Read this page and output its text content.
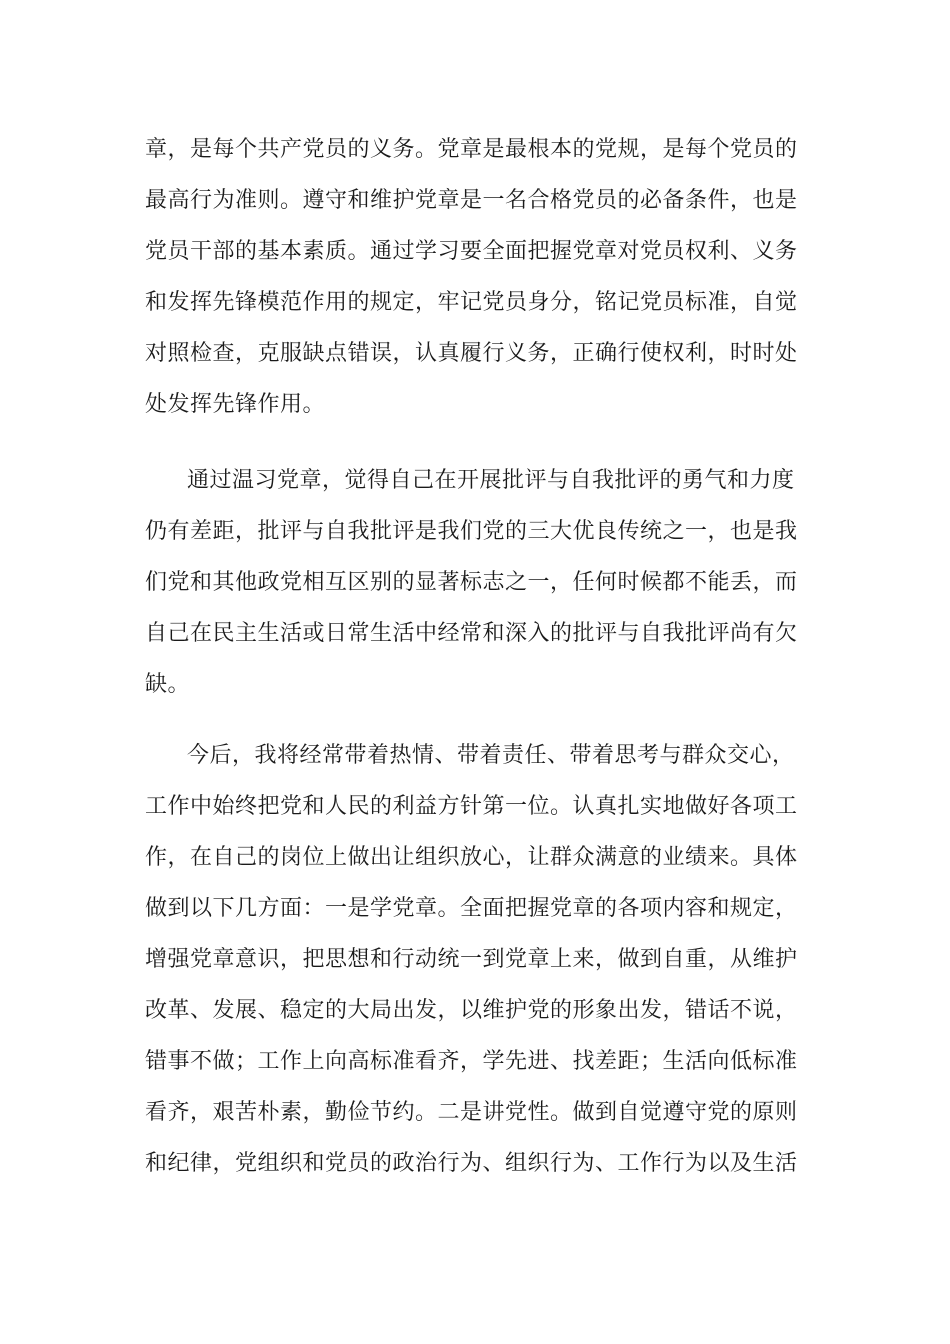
章，是每个共产党员的义务。党章是最根本的党规，是每个党员的
最高行为准则。遵守和维护党章是一名合格党员的必备条件，也是
党员干部的基本素质。通过学习要全面把握党章对党员权利、义务
和发挥先锋模范作用的规定，牢记党员身分，铭记党员标准，自觉
对照检查，克服缺点错误，认真履行义务，正确行使权利，时时处
处发挥先锋作用。
通过温习党章，觉得自己在开展批评与自我批评的勇气和力度
仍有差距，批评与自我批评是我们党的三大优良传统之一，也是我
们党和其他政党相互区别的显著标志之一，任何时候都不能丢，而
自己在民主生活或日常生活中经常和深入的批评与自我批评尚有欠
缺。
今后，我将经常带着热情、带着责任、带着思考与群众交心，
工作中始终把党和人民的利益方针第一位。认真扎实地做好各项工
作，在自己的岗位上做出让组织放心，让群众满意的业绩来。具体
做到以下几方面：一是学党章。全面把握党章的各项内容和规定，
增强党章意识，把思想和行动统一到党章上来，做到自重，从维护
改革、发展、稳定的大局出发，以维护党的形象出发，错话不说，
错事不做；工作上向高标准看齐，学先进、找差距；生活向低标准
看齐，艰苦朴素，勤俭节约。二是讲党性。做到自觉遵守党的原则
和纪律，党组织和党员的政治行为、组织行为、工作行为以及生活
